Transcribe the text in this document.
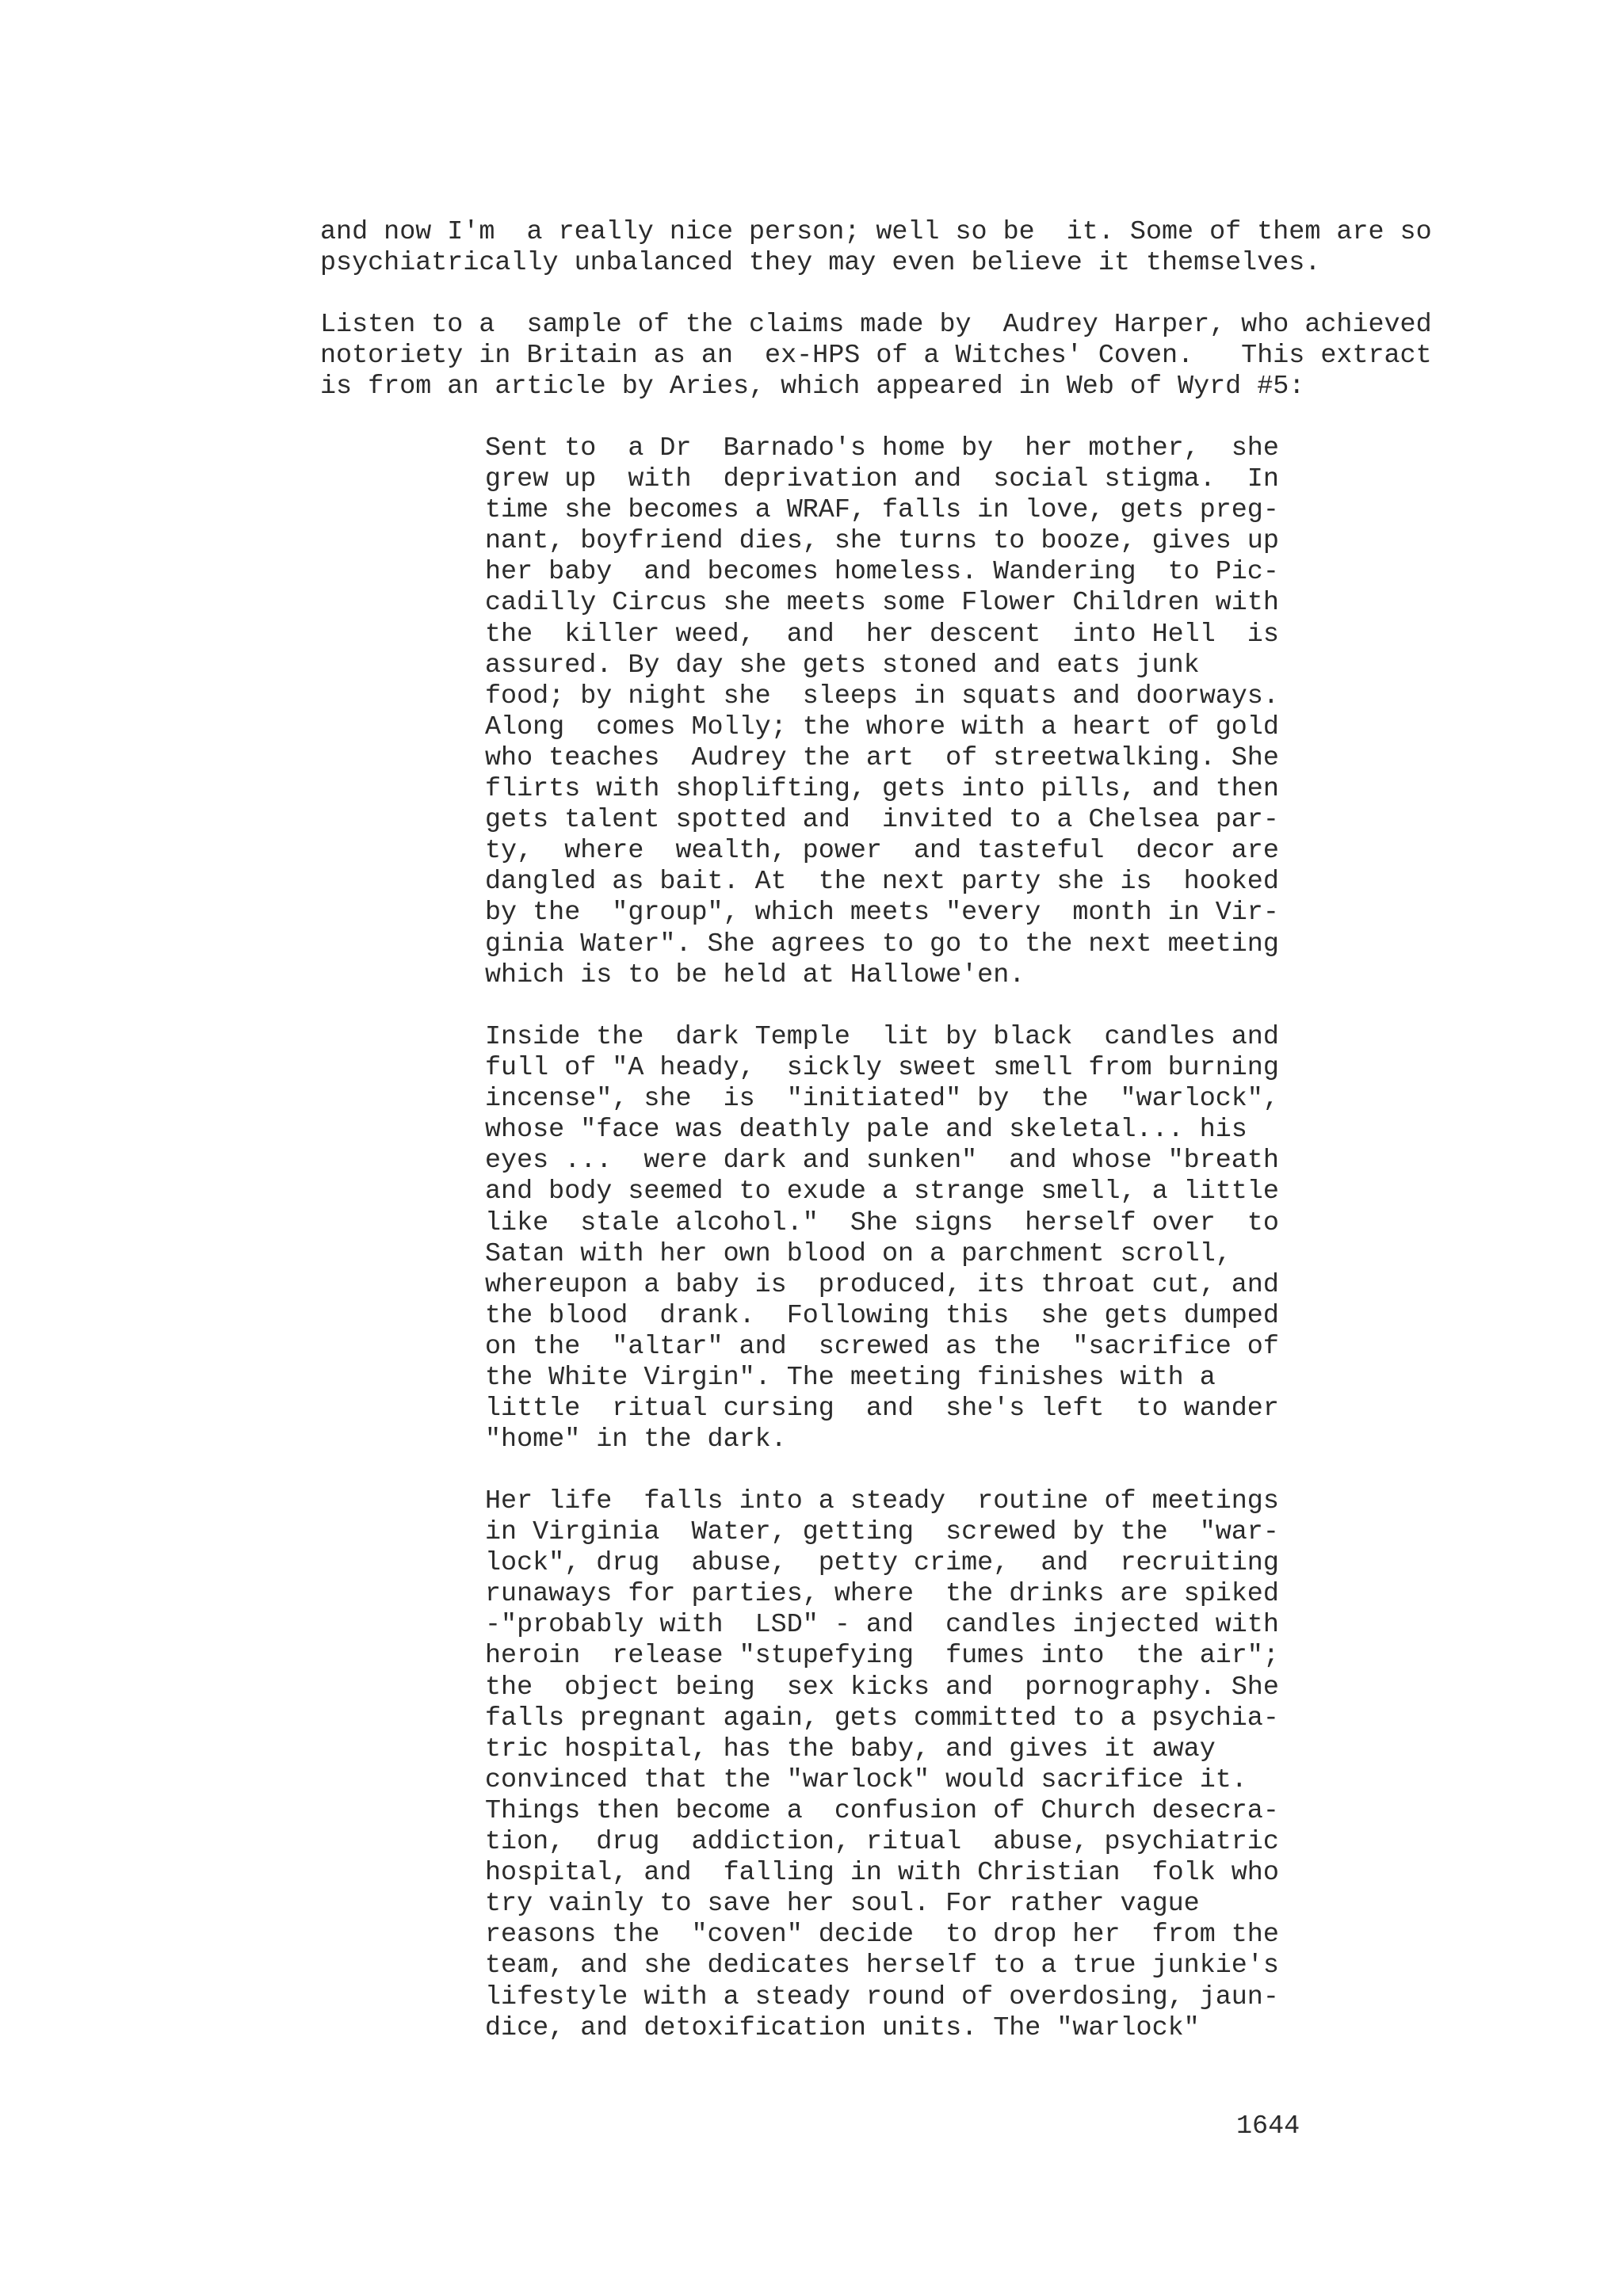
and now I'm  a really nice person; well so be  it. Some of them are so
psychiatrically unbalanced they may even believe it themselves.
Listen to a  sample of the claims made by  Audrey Harper, who achieved
notoriety in Britain as an  ex-HPS of a Witches' Coven.   This extract
is from an article by Aries, which appeared in Web of Wyrd #5:
Sent to  a Dr  Barnado's home by  her mother,  she
grew up  with  deprivation and  social stigma.  In
time she becomes a WRAF, falls in love, gets preg-
nant, boyfriend dies, she turns to booze, gives up
her baby  and becomes homeless. Wandering  to Pic-
cadilly Circus she meets some Flower Children with
the  killer weed,  and  her descent  into Hell  is
assured. By day she gets stoned and eats junk
food; by night she  sleeps in squats and doorways.
Along  comes Molly; the whore with a heart of gold
who teaches  Audrey the art  of streetwalking. She
flirts with shoplifting, gets into pills, and then
gets talent spotted and  invited to a Chelsea par-
ty,  where  wealth, power  and tasteful  decor are
dangled as bait. At  the next party she is  hooked
by the  "group", which meets "every  month in Vir-
ginia Water". She agrees to go to the next meeting
which is to be held at Hallowe'en.
Inside the  dark Temple  lit by black  candles and
full of "A heady,  sickly sweet smell from burning
incense", she  is  "initiated" by  the  "warlock",
whose "face was deathly pale and skeletal... his
eyes ...  were dark and sunken"  and whose "breath
and body seemed to exude a strange smell, a little
like  stale alcohol."  She signs  herself over  to
Satan with her own blood on a parchment scroll,
whereupon a baby is  produced, its throat cut, and
the blood  drank.  Following this  she gets dumped
on the  "altar" and  screwed as the  "sacrifice of
the White Virgin". The meeting finishes with a
little  ritual cursing  and  she's left  to wander
"home" in the dark.
Her life  falls into a steady  routine of meetings
in Virginia  Water, getting  screwed by the  "war-
lock", drug  abuse,  petty crime,  and  recruiting
runaways for parties, where  the drinks are spiked
-"probably with  LSD" - and  candles injected with
heroin  release "stupefying  fumes into  the air";
the  object being  sex kicks and  pornography. She
falls pregnant again, gets committed to a psychia-
tric hospital, has the baby, and gives it away
convinced that the "warlock" would sacrifice it.
Things then become a  confusion of Church desecra-
tion,  drug  addiction, ritual  abuse, psychiatric
hospital, and  falling in with Christian  folk who
try vainly to save her soul. For rather vague
reasons the  "coven" decide  to drop her  from the
team, and she dedicates herself to a true junkie's
lifestyle with a steady round of overdosing, jaun-
dice, and detoxification units. The "warlock"
1644
